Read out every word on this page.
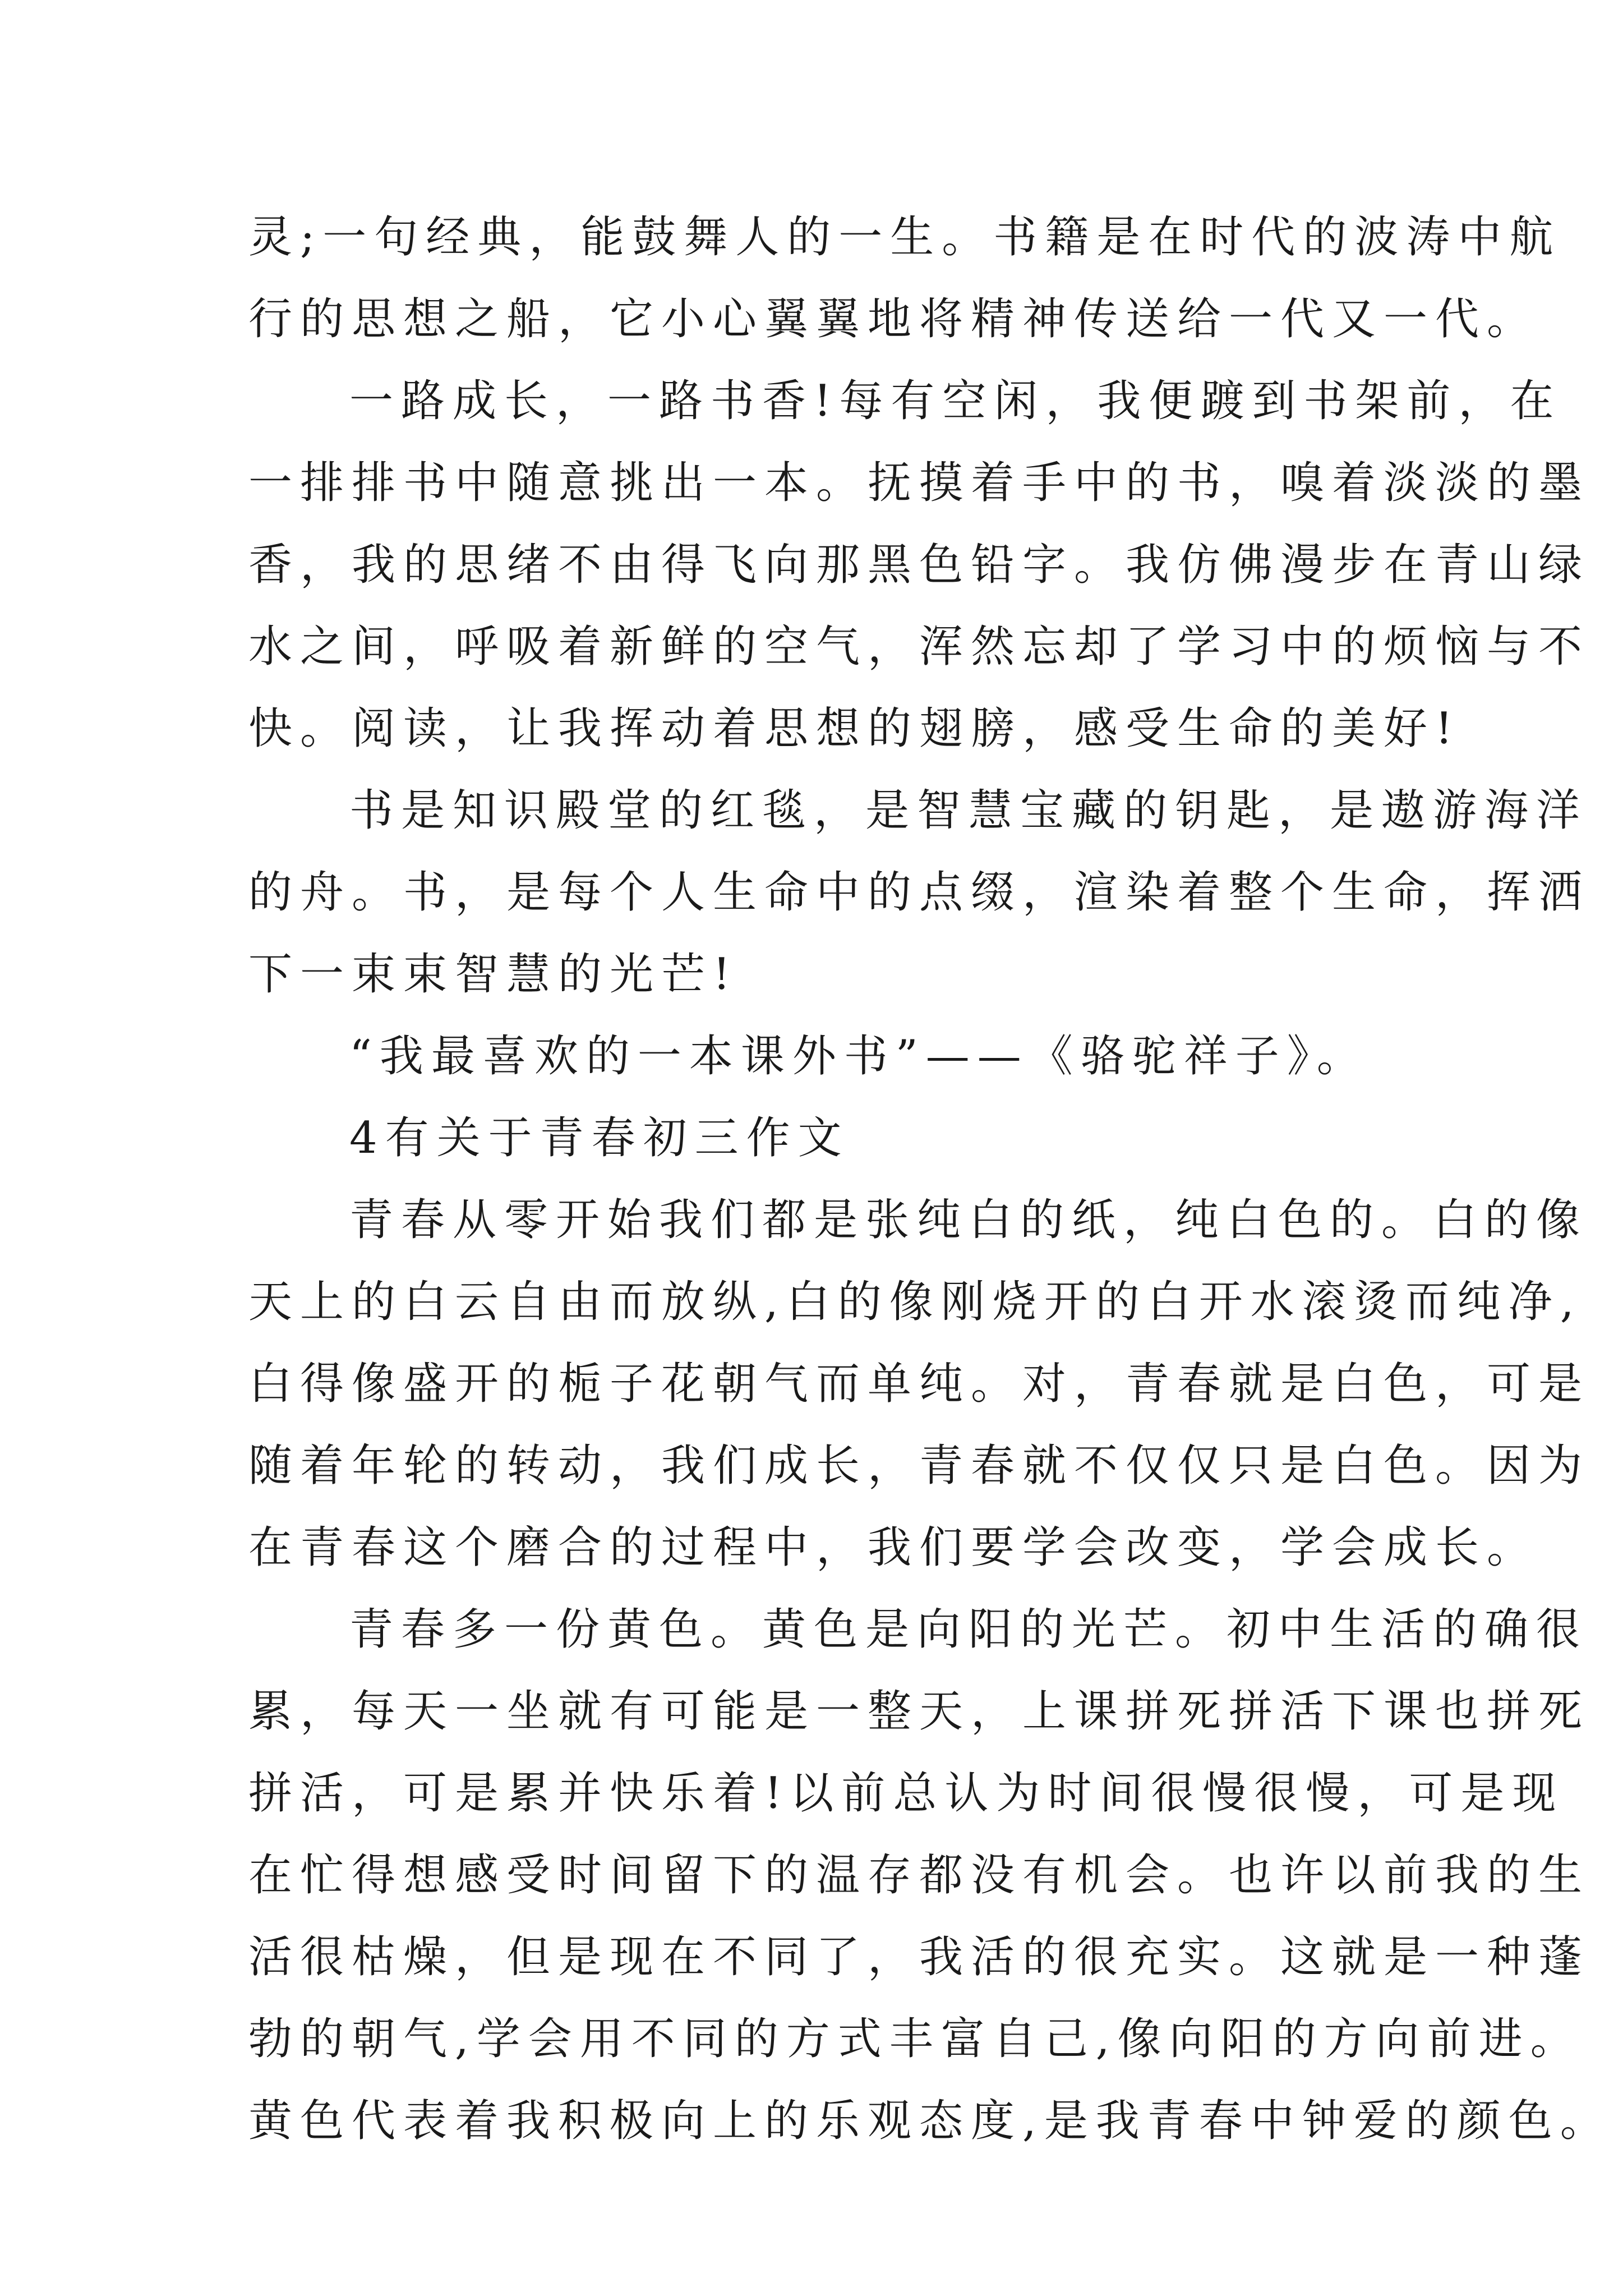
灵;一句经典，能鼓舞人的一生。书籍是在时代的波涛中航
行的思想之船，它小心翼翼地将精神传送给一代又一代。
一路成长，一路书香!每有空闲，我便踱到书架前，在
一排排书中随意挑出一本。抚摸着手中的书，嗅着淡淡的墨
香，我的思绪不由得飞向那黑色铅字。我仿佛漫步在青山绿
水之间，呼吸着新鲜的空气，浑然忘却了学习中的烦恼与不
快。阅读，让我挥动着思想的翅膀，感受生命的美好!
书是知识殿堂的红毯，是智慧宝藏的钥匙，是遨游海洋
的舟。书，是每个人生命中的点缀，渲染着整个生命，挥洒
下一束束智慧的光芒!
“我最喜欢的一本课外书”——《骆驼祥子》。
4有关于青春初三作文
青春从零开始我们都是张纯白的纸，纯白色的。白的像
天上的白云自由而放纵,白的像刚烧开的白开水滚烫而纯净,
白得像盛开的栀子花朝气而单纯。对，青春就是白色，可是
随着年轮的转动，我们成长，青春就不仅仅只是白色。因为
在青春这个磨合的过程中，我们要学会改变，学会成长。
青春多一份黄色。黄色是向阳的光芒。初中生活的确很
累，每天一坐就有可能是一整天，上课拼死拼活下课也拼死
拼活，可是累并快乐着!以前总认为时间很慢很慢，可是现
在忙得想感受时间留下的温存都没有机会。也许以前我的生
活很枯燥，但是现在不同了，我活的很充实。这就是一种蓬
勃的朝气,学会用不同的方式丰富自己,像向阳的方向前进。
黄色代表着我积极向上的乐观态度,是我青春中钟爱的颜色。
